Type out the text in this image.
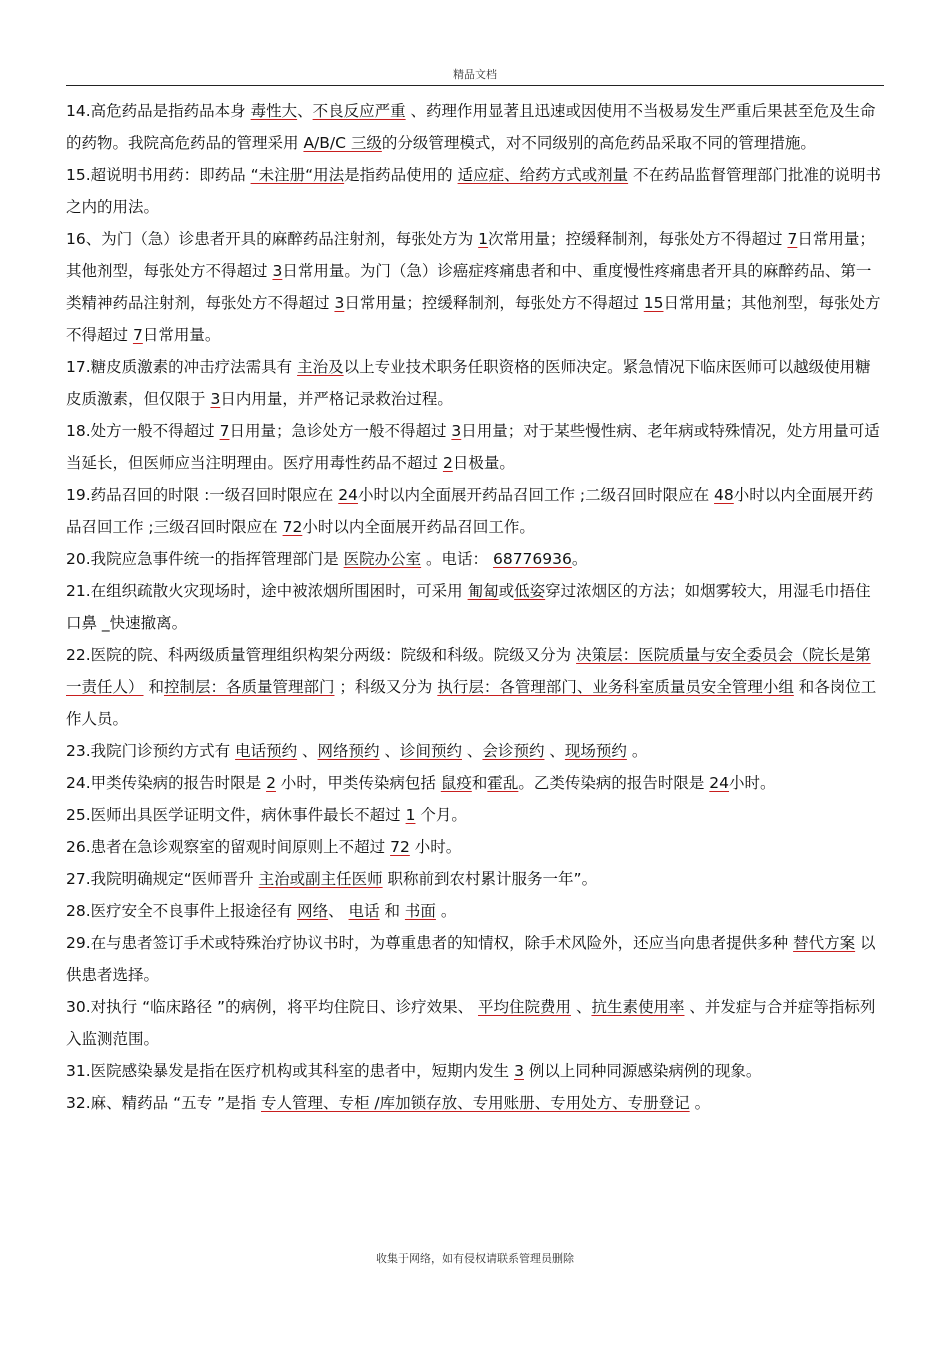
精品文档

14.高危药品是指药品本身 毒性大、不良反应严重 、药理作用显著且迅速或因使用不当极易发生严重后果甚至危及生命的药物。我院高危药品的管理采用 A/B/C 三级的分级管理模式，对不同级别的高危药品采取不同的管理措施。

15.超说明书用药：即药品 “未注册“用法是指药品使用的 适应症、给药方式或剂量 不在药品监督管理部门批准的说明书之内的用法。

16、为门（急）诊患者开具的麻醉药品注射剂，每张处方为 1次常用量；控缓释制剂，每张处方不得超过 7日常用量；其他剂型，每张处方不得超过 3日常用量。为门（急）诊癌症疼痛患者和中、重度慢性疼痛患者开具的麻醉药品、第一类精神药品注射剂，每张处方不得超过 3日常用量；控缓释制剂，每张处方不得超过 15日常用量；其他剂型，每张处方不得超过 7日常用量。

17.糖皮质激素的冲击疗法需具有 主治及以上专业技术职务任职资格的医师决定。紧急情况下临床医师可以越级使用糖皮质激素，但仅限于 3日内用量，并严格记录救治过程。

18.处方一般不得超过 7日用量；急诊处方一般不得超过 3日用量；对于某些慢性病、老年病或特殊情况，处方用量可适当延长，但医师应当注明理由。医疗用毒性药品不超过 2日极量。

19.药品召回的时限 :一级召回时限应在 24小时以内全面展开药品召回工作 ;二级召回时限应在 48小时以内全面展开药品召回工作 ;三级召回时限应在 72小时以内全面展开药品召回工作。

20.我院应急事件统一的指挥管理部门是 医院办公室 。电话： 68776936。

21.在组织疏散火灾现场时，途中被浓烟所围困时，可采用 匍匐或低姿穿过浓烟区的方法；如烟雾较大，用湿毛巾捂住口鼻 _快速撤离。

22.医院的院、科两级质量管理组织构架分两级：院级和科级。院级又分为 决策层：医院质量与安全委员会（院长是第一责任人） 和控制层：各质量管理部门 ；科级又分为 执行层：各管理部门、业务科室质量员安全管理小组 和各岗位工作人员。

23.我院门诊预约方式有 电话预约 、网络预约 、诊间预约 、会诊预约 、现场预约 。

24.甲类传染病的报告时限是 2 小时，甲类传染病包括 鼠疫和霍乱。乙类传染病的报告时限是 24小时。

25.医师出具医学证明文件，病休事件最长不超过 1 个月。

26.患者在急诊观察室的留观时间原则上不超过 72 小时。

27.我院明确规定“医师晋升 主治或副主任医师 职称前到农村累计服务一年”。

28.医疗安全不良事件上报途径有 网络、 电话 和 书面 。

29.在与患者签订手术或特殊治疗协议书时，为尊重患者的知情权，除手术风险外，还应当向患者提供多种 替代方案 以供患者选择。

30.对执行 “临床路径 ”的病例，将平均住院日、诊疗效果、 平均住院费用 、抗生素使用率 、并发症与合并症等指标列入监测范围。

31.医院感染暴发是指在医疗机构或其科室的患者中，短期内发生 3 例以上同种同源感染病例的现象。

32.麻、精药品 “五专 ”是指 专人管理、专柜 /库加锁存放、专用账册、专用处方、专册登记 。

收集于网络，如有侵权请联系管理员删除
